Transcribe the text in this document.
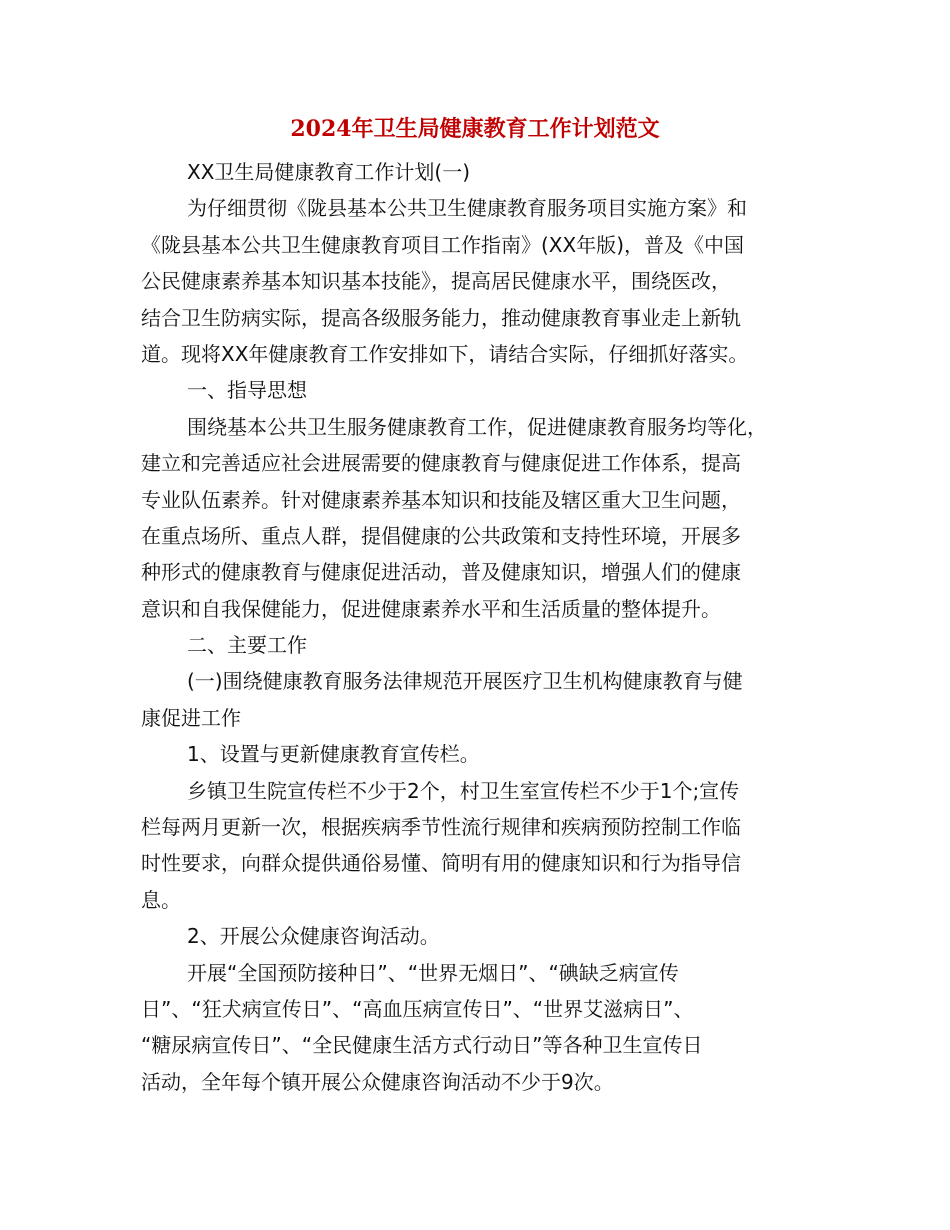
2024年卫生局健康教育工作计划范文
XX卫生局健康教育工作计划(一)
为仔细贯彻《陇县基本公共卫生健康教育服务项目实施方案》和
《陇县基本公共卫生健康教育项目工作指南》(XX年版)，普及《中国
公民健康素养基本知识基本技能》，提高居民健康水平，围绕医改，
结合卫生防病实际，提高各级服务能力，推动健康教育事业走上新轨
道。现将XX年健康教育工作安排如下，请结合实际，仔细抓好落实。
一、指导思想
围绕基本公共卫生服务健康教育工作，促进健康教育服务均等化，
建立和完善适应社会进展需要的健康教育与健康促进工作体系，提高
专业队伍素养。针对健康素养基本知识和技能及辖区重大卫生问题，
在重点场所、重点人群，提倡健康的公共政策和支持性环境，开展多
种形式的健康教育与健康促进活动，普及健康知识，增强人们的健康
意识和自我保健能力，促进健康素养水平和生活质量的整体提升。
二、主要工作
(一)围绕健康教育服务法律规范开展医疗卫生机构健康教育与健
康促进工作
1、设置与更新健康教育宣传栏。
乡镇卫生院宣传栏不少于2个，村卫生室宣传栏不少于1个;宣传
栏每两月更新一次，根据疾病季节性流行规律和疾病预防控制工作临
时性要求，向群众提供通俗易懂、简明有用的健康知识和行为指导信
息。
2、开展公众健康咨询活动。
开展“全国预防接种日”、“世界无烟日”、“碘缺乏病宣传
日”、“狂犬病宣传日”、“高血压病宣传日”、“世界艾滋病日”、
“糖尿病宣传日”、“全民健康生活方式行动日”等各种卫生宣传日
活动，全年每个镇开展公众健康咨询活动不少于9次。
